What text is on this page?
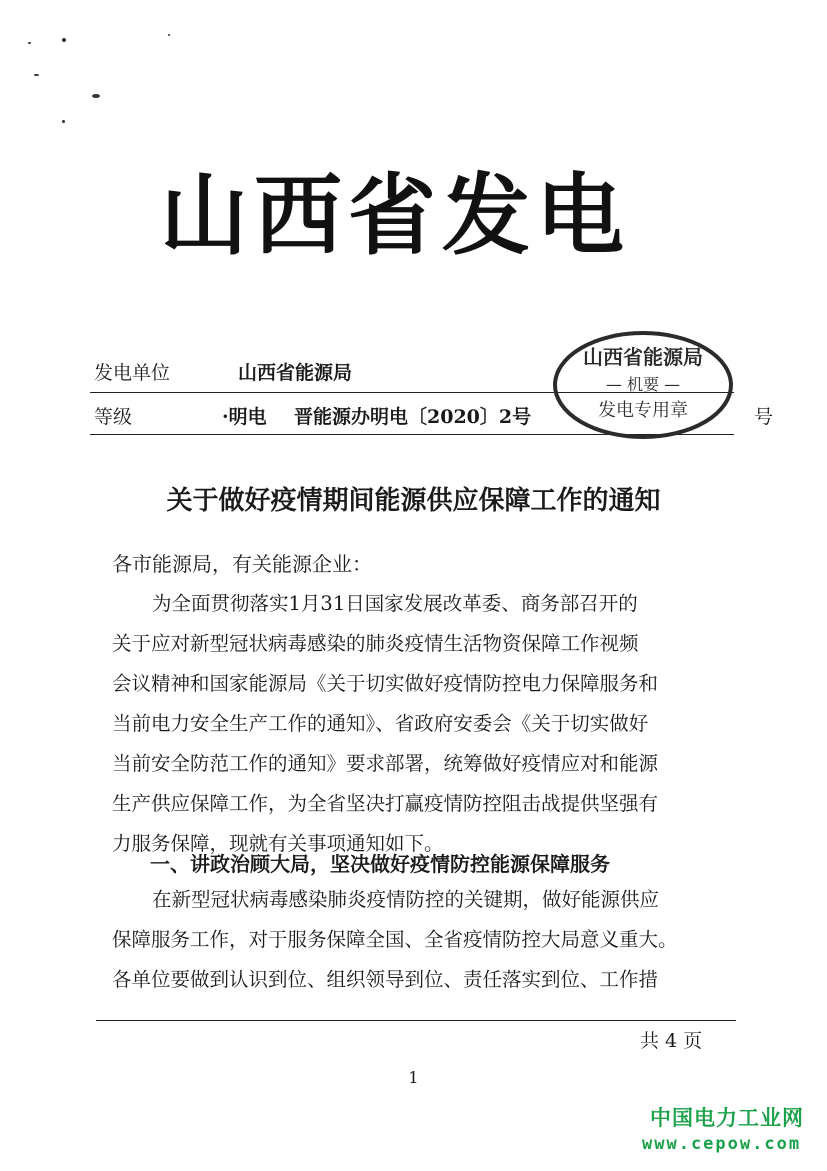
山西省发电
发电单位	山西省能源局
等级	·明电 晋能源办明电〔2020〕2号	号
山西省能源局
— 机要 —
发电专用章
关于做好疫情期间能源供应保障工作的通知
各市能源局，有关能源企业：
为全面贯彻落实1月31日国家发展改革委、商务部召开的
关于应对新型冠状病毒感染的肺炎疫情生活物资保障工作视频
会议精神和国家能源局《关于切实做好疫情防控电力保障服务和
当前电力安全生产工作的通知》、省政府安委会《关于切实做好
当前安全防范工作的通知》要求部署，统筹做好疫情应对和能源
生产供应保障工作，为全省坚决打赢疫情防控阻击战提供坚强有
力服务保障，现就有关事项通知如下。
一、讲政治顾大局，坚决做好疫情防控能源保障服务
在新型冠状病毒感染肺炎疫情防控的关键期，做好能源供应
保障服务工作，对于服务保障全国、全省疫情防控大局意义重大。
各单位要做到认识到位、组织领导到位、责任落实到位、工作措
共 4 页
1
中国电力工业网
www.cepow.com
